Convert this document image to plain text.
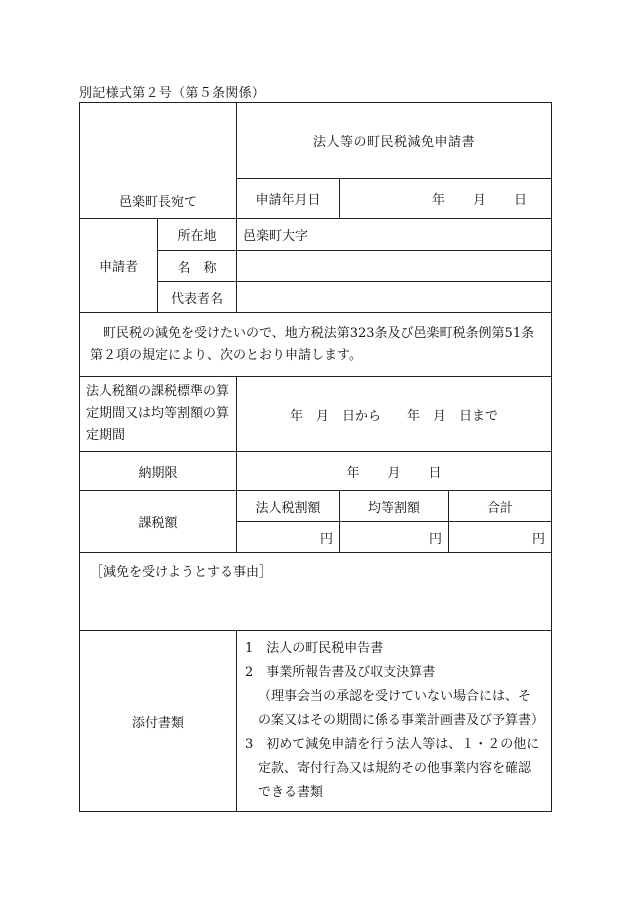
別記様式第２号（第５条関係）
邑楽町長宛て		法人等の町民税減免申請書		
		申請年月日	年 月 日	
申請者	所在地	邑楽町大字		
	名　称			
	代表者名			
町民税の減免を受けたいので、地方税法第323条及び邑楽町税条例第51条第２項の規定により、次のとおり申請します。				
法人税額の課税標準の算定期間又は均等割額の算定期間		年　月　日から　　年　月　日まで		
納期限		年 月 日		
課税額		法人税割額	均等割額	合計
		円	円	円
［減免を受けようとする事由］				
添付書類		1　法人の町民税申告書
2　事業所報告書及び収支決算書
（理事会当の承認を受けていない場合には、その案又はその期間に係る事業計画書及び予算書）
3　初めて減免申請を行う法人等は、１・２の他に定款、寄付行為又は規約その他事業内容を確認できる書類		
